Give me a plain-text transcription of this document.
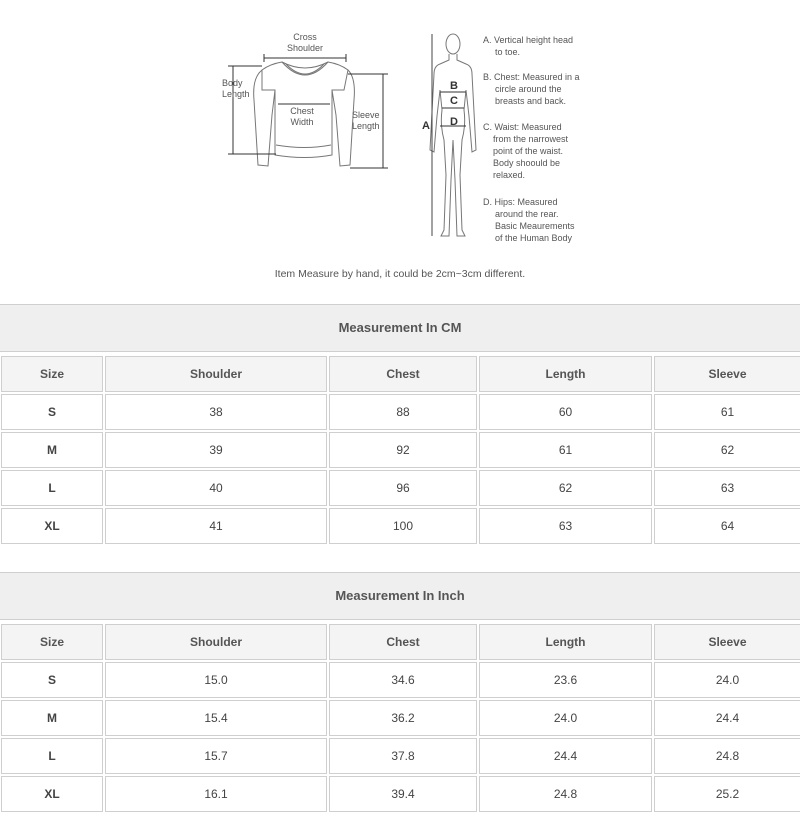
Cross
Shoulder
Body
Length
Chest
Width
Sleeve
Length	A
B
C
D
A. Vertical height head
to toe.
B. Chest: Measured in a
circle around the
breasts and back.
C. Waist: Measured
from the narrowest
point of the waist.
Body shoould be
relaxed.
D. Hips: Measured
around the rear.
Basic Meaurements
of the Human Body
Item Measure by hand, it could be 2cm~3cm different.
Measurement In CM
Size	Shoulder	Chest	Length	Sleeve
S	38	88	60	61
M	39	92	61	62
L	40	96	62	63
XL	41	100	63	64
Measurement In Inch
Size	Shoulder	Chest	Length	Sleeve
S	15.0	34.6	23.6	24.0
M	15.4	36.2	24.0	24.4
L	15.7	37.8	24.4	24.8
XL	16.1	39.4	24.8	25.2
